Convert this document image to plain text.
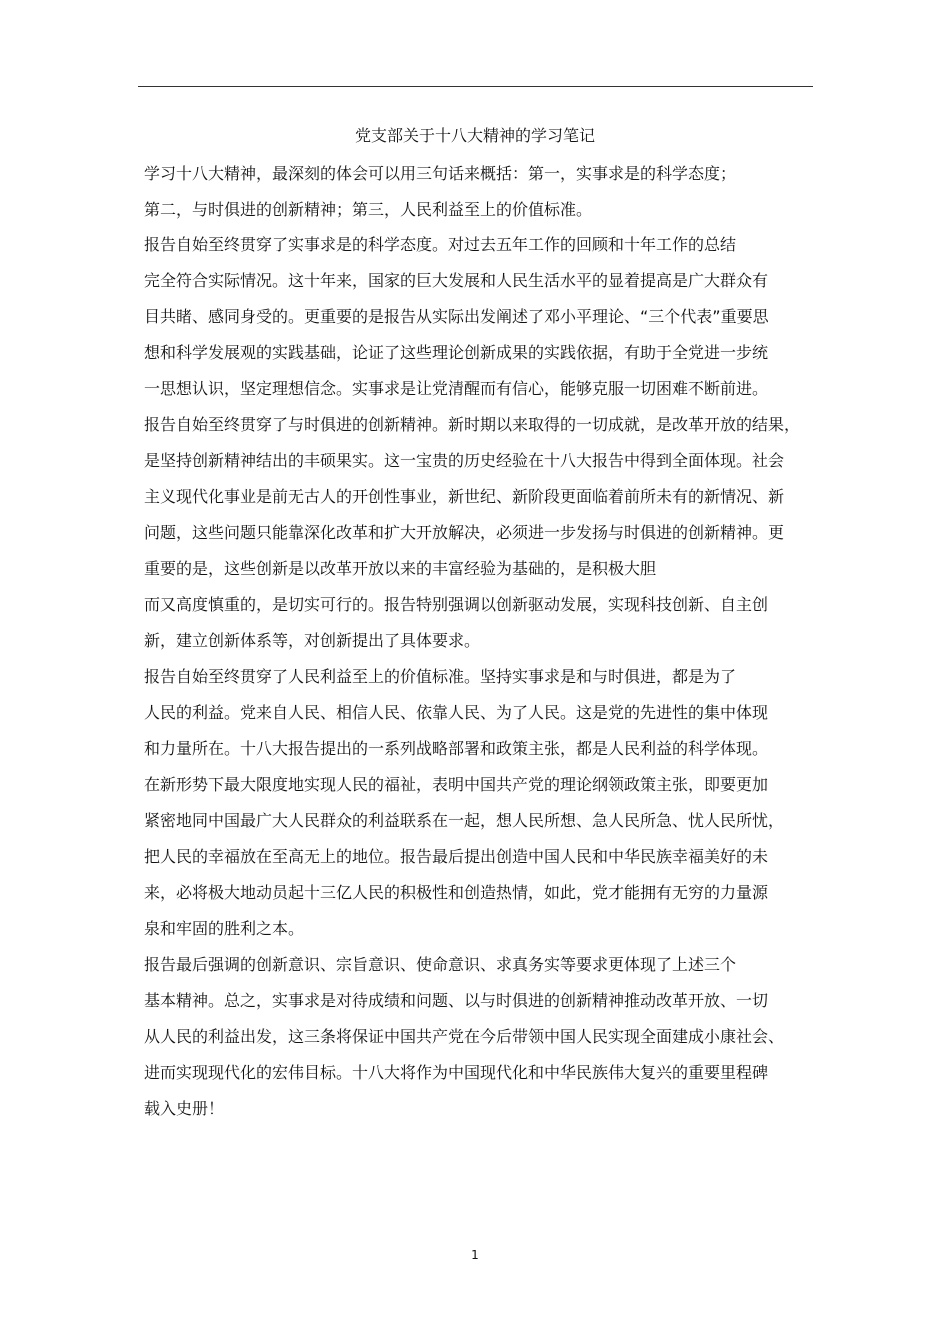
党支部关于十八大精神的学习笔记
学习十八大精神，最深刻的体会可以用三句话来概括：第一，实事求是的科学态度；
第二，与时俱进的创新精神；第三，人民利益至上的价值标准。
报告自始至终贯穿了实事求是的科学态度。对过去五年工作的回顾和十年工作的总结
完全符合实际情况。这十年来，国家的巨大发展和人民生活水平的显着提高是广大群众有
目共睹、感同身受的。更重要的是报告从实际出发阐述了邓小平理论、“三个代表”重要思
想和科学发展观的实践基础，论证了这些理论创新成果的实践依据，有助于全党进一步统
一思想认识，坚定理想信念。实事求是让党清醒而有信心，能够克服一切困难不断前进。
报告自始至终贯穿了与时俱进的创新精神。新时期以来取得的一切成就，是改革开放的结果，
是坚持创新精神结出的丰硕果实。这一宝贵的历史经验在十八大报告中得到全面体现。社会
主义现代化事业是前无古人的开创性事业，新世纪、新阶段更面临着前所未有的新情况、新
问题，这些问题只能靠深化改革和扩大开放解决，必须进一步发扬与时俱进的创新精神。更
重要的是，这些创新是以改革开放以来的丰富经验为基础的，是积极大胆
而又高度慎重的，是切实可行的。报告特别强调以创新驱动发展，实现科技创新、自主创
新，建立创新体系等，对创新提出了具体要求。
报告自始至终贯穿了人民利益至上的价值标准。坚持实事求是和与时俱进，都是为了
人民的利益。党来自人民、相信人民、依靠人民、为了人民。这是党的先进性的集中体现
和力量所在。十八大报告提出的一系列战略部署和政策主张，都是人民利益的科学体现。
在新形势下最大限度地实现人民的福祉，表明中国共产党的理论纲领政策主张，即要更加
紧密地同中国最广大人民群众的利益联系在一起，想人民所想、急人民所急、忧人民所忧，
把人民的幸福放在至高无上的地位。报告最后提出创造中国人民和中华民族幸福美好的未
来，必将极大地动员起十三亿人民的积极性和创造热情，如此，党才能拥有无穷的力量源
泉和牢固的胜利之本。
报告最后强调的创新意识、宗旨意识、使命意识、求真务实等要求更体现了上述三个
基本精神。总之，实事求是对待成绩和问题、以与时俱进的创新精神推动改革开放、一切
从人民的利益出发，这三条将保证中国共产党在今后带领中国人民实现全面建成小康社会、
进而实现现代化的宏伟目标。十八大将作为中国现代化和中华民族伟大复兴的重要里程碑
载入史册！
1
